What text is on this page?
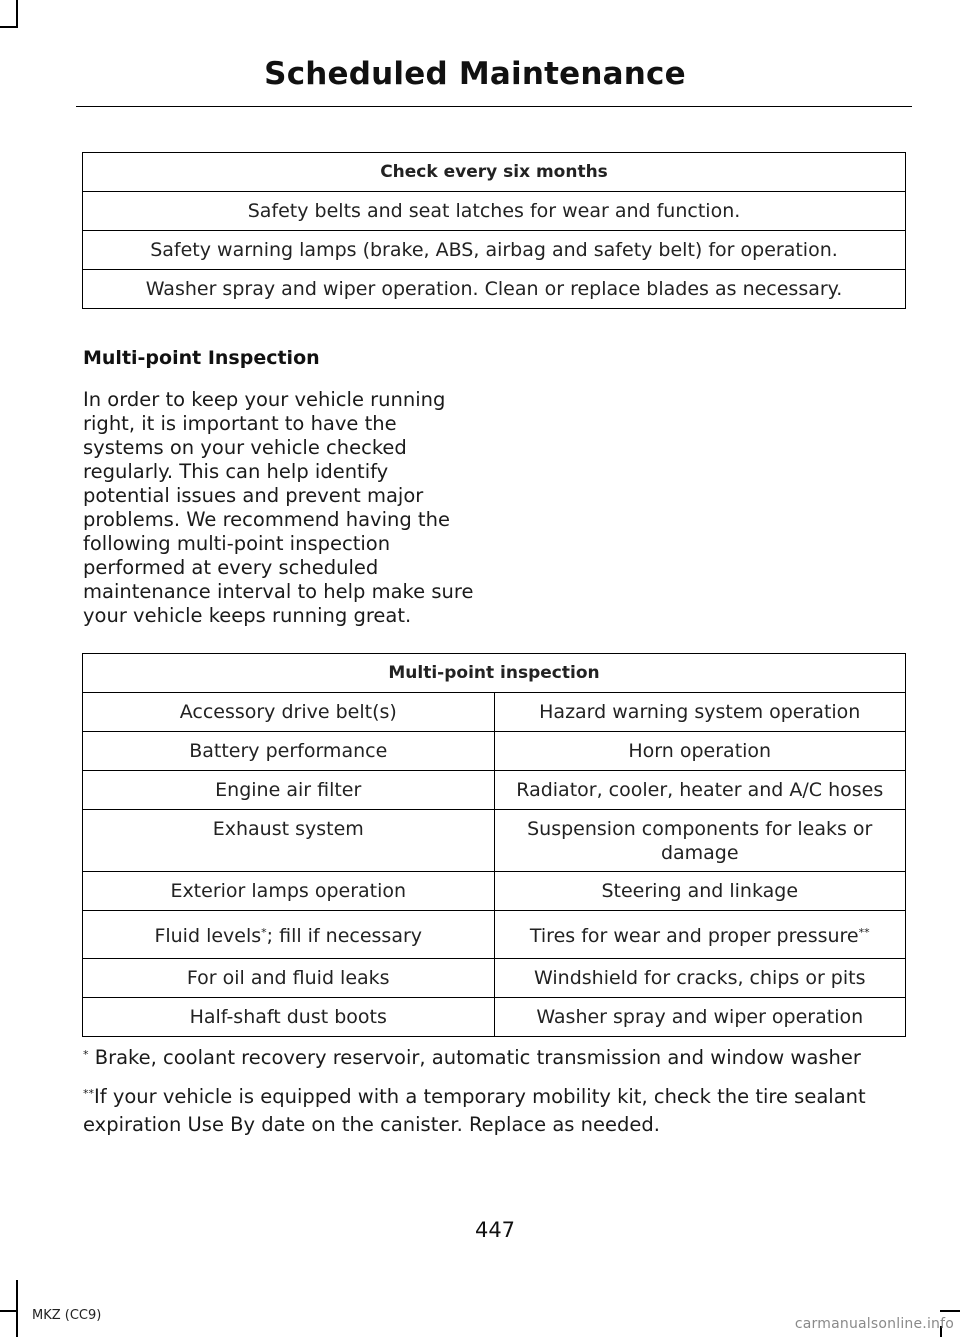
Scheduled Maintenance
Check every six months
Safety belts and seat latches for wear and function.
Safety warning lamps (brake, ABS, airbag and safety belt) for operation.
Washer spray and wiper operation. Clean or replace blades as necessary.
Multi-point Inspection

In order to keep your vehicle running right, it is important to have the systems on your vehicle checked regularly. This can help identify potential issues and prevent major problems. We recommend having the following multi-point inspection performed at every scheduled maintenance interval to help make sure your vehicle keeps running great.

Multi-point inspection	
Accessory drive belt(s)	Hazard warning system operation
Battery performance	Horn operation
Engine air filter	Radiator, cooler, heater and A/C hoses
Exhaust system	Suspension components for leaks or damage
Exterior lamps operation	Steering and linkage
Fluid levels*; fill if necessary	Tires for wear and proper pressure**
For oil and fluid leaks	Windshield for cracks, chips or pits
Half-shaft dust boots	Washer spray and wiper operation

* Brake, coolant recovery reservoir, automatic transmission and window washer

**If your vehicle is equipped with a temporary mobility kit, check the tire sealant expiration Use By date on the canister. Replace as needed.

447
MKZ (CC9)
carmanualsonline.info
